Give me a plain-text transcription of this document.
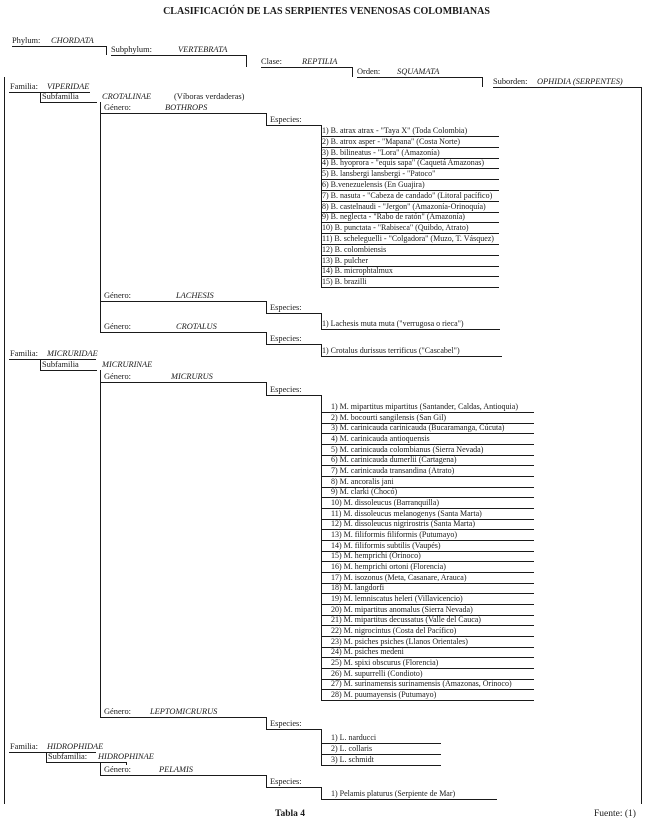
CLASIFICACIÓN DE LAS SERPIENTES VENENOSAS COLOMBIANAS
Phylum: CHORDATA
Subphylum:	VERTEBRATA
Clase: REPTILIA
Orden: SQUAMATA
Suborden: OPHIDIA (SERPENTES)
Familia: VIPERIDAE
Subfamilia	CROTALINAE	(Víboras verdaderas)
Género:	BOTHROPS
Especies:
1) B. atrax atrax - "Taya X" (Toda Colombia)
2) B. atrox asper - "Mapana" (Costa Norte)
3) B. bilineatus - "Lora" (Amazonía)
4) B. hyoprora - "equis sapa" (Caquetá Amazonas)
5) B. lansbergi lansbergi - "Patoco"
6) B.venezuelensis (En Guajira)
7) B. nasuta - "Cabeza de candado" (Litoral pacífico)
8) B. castelnaudi - "Jergon" (Amazonía-Orinoquía)
9) B. neglecta - "Rabo de ratón" (Amazonía)
10) B. punctata - "Rabiseca" (Quibdo, Atrato)
11) B. scheleguelli - "Colgadora" (Muzo, T. Vásquez)
12) B. colombiensis
13) B. pulcher
14) B. microphtalmux
15) B. brazilli
Género:	LACHESIS
Especies:
1) Lachesis muta muta ("verrugosa o rieca")
Género:	CROTALUS
Especies:
1) Crotalus durissus terrificus ("Cascabel")
Familia: MICRURIDAE
Subfamilia	MICRURINAE
Género:	MICRURUS
Especies:
1) M. mipartitus mipartitus (Santander, Caldas, Antioquia)
2) M. bocourti sangilensis (San Gil)
3) M. carinicauda carinicauda (Bucaramanga, Cúcuta)
4) M. carinicauda antioquensis
5) M. carinicauda colombianus (Sierra Nevada)
6) M. carinicauda dumerlii (Cartagena)
7) M. carinicauda transandina (Atrato)
8) M. ancoralis jani
9) M. clarki (Chocó)
10) M. dissoleucus (Barranquilla)
11) M. dissoleucus melanogenys (Santa Marta)
12) M. dissoleucus nigrirostris (Santa Marta)
13) M. filiformis filiformis (Putumayo)
14) M. filiformis subtilis (Vaupés)
15) M. hemprichi (Orinoco)
16) M. hemprichi ortoni (Florencia)
17) M. isozonus (Meta, Casanare, Arauca)
18) M. langdorfi
19) M. lemniscatus heleri (Villavicencio)
20) M. mipartitus anomalus (Sierra Nevada)
21) M. mipartitus decussatus (Valle del Cauca)
22) M. nigrocintus (Costa del Pacífico)
23) M. psiches psiches (Llanos Orientales)
24) M. psiches medeni
25) M. spixi obscurus (Florencia)
26) M. supurrelli (Condioto)
27) M. surinamensis surinamensis (Amazonas, Orinoco)
28) M. puumayensis (Putumayo)
Género: LEPTOMICRURUS
Especies:
1) L. narducci
2) L. collaris
3) L. schmidt
Familia: HIDROPHIDAE
Subfamilia: HIDROPHINAE
Género:	PELAMIS
Especies:
1) Pelamis platurus (Serpiente de Mar)
Tabla 4	Fuente: (1)
